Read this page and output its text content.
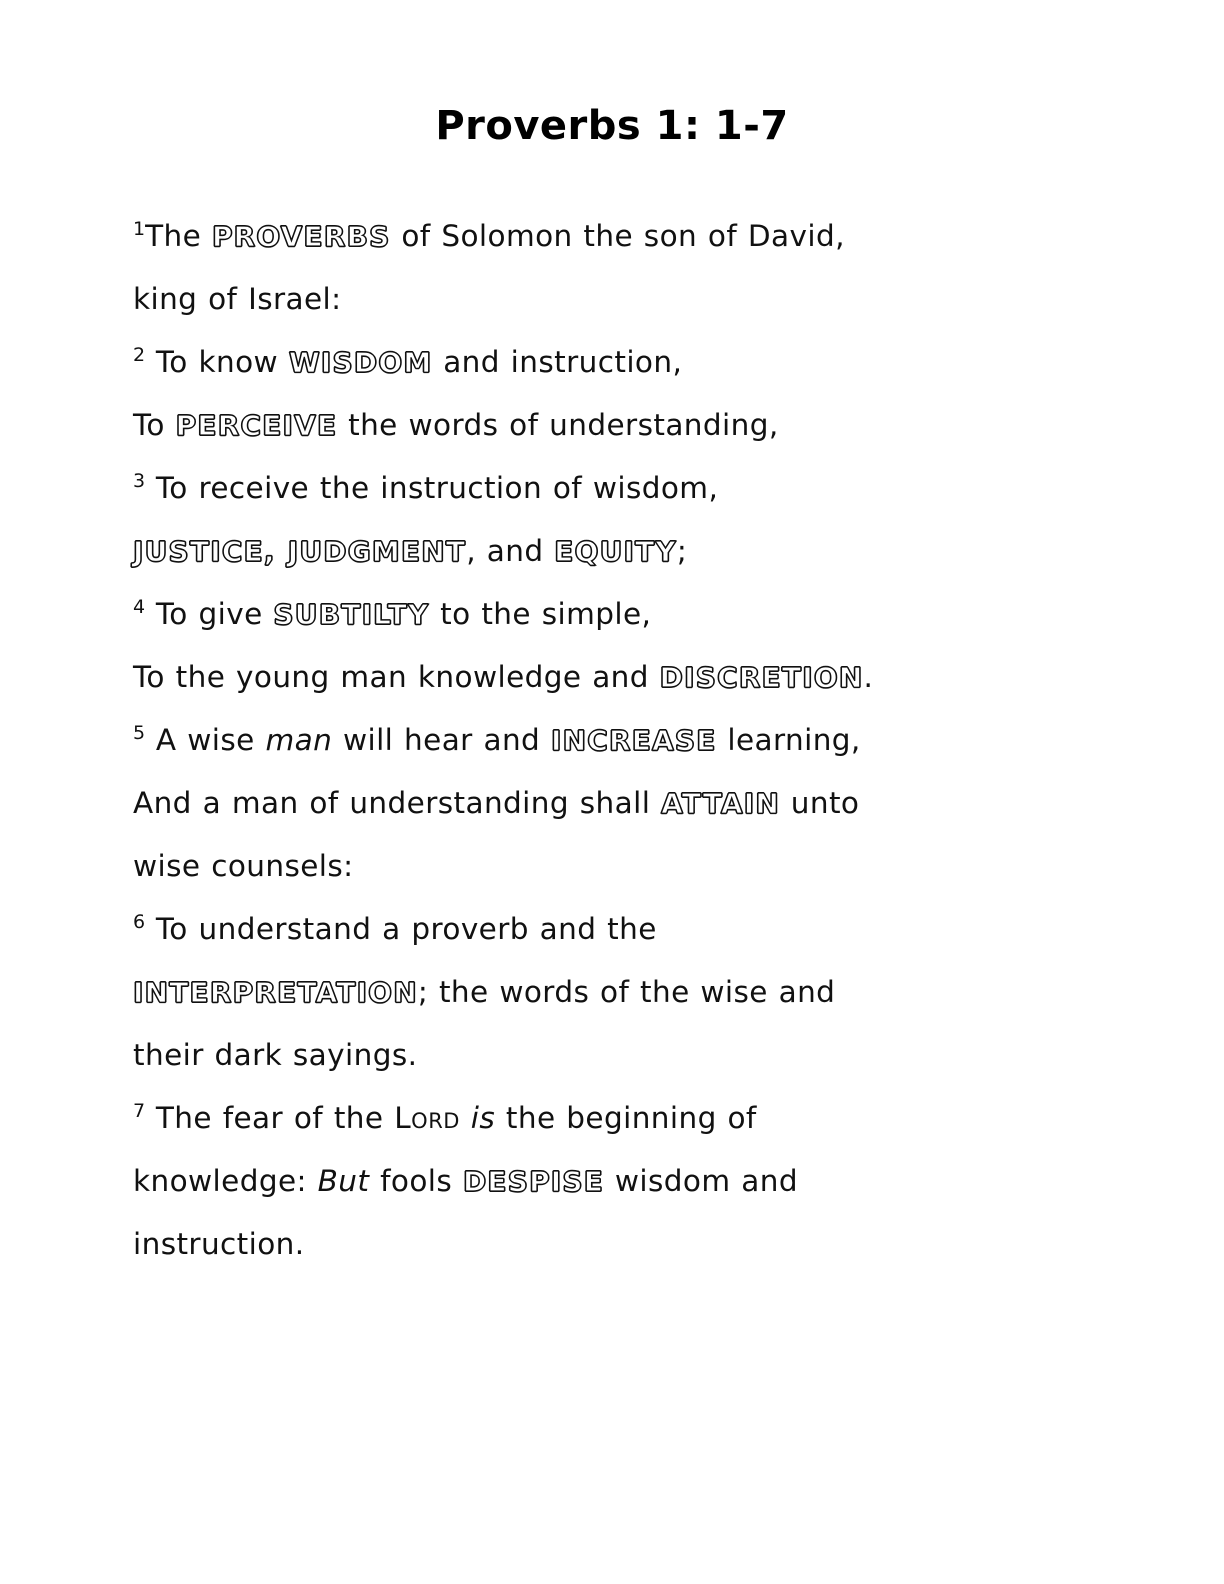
Proverbs 1: 1-7
$^1$The PROVERBS of Solomon the son of David,
king of Israel:
$^2$ To know WISDOM and instruction,
To PERCEIVE the words of understanding,
$^3$ To receive the instruction of wisdom,
JUSTICE, JUDGMENT, and EQUITY;
$^4$ To give SUBTILTY to the simple,
To the young man knowledge and DISCRETION.
$^5$ A wise man will hear and INCREASE learning,
And a man of understanding shall ATTAIN unto
wise counsels:
$^6$ To understand a proverb and the
INTERPRETATION; the words of the wise and
their dark sayings.
$^7$ The fear of the Lord is the beginning of
knowledge: But fools DESPISE wisdom and
instruction.
